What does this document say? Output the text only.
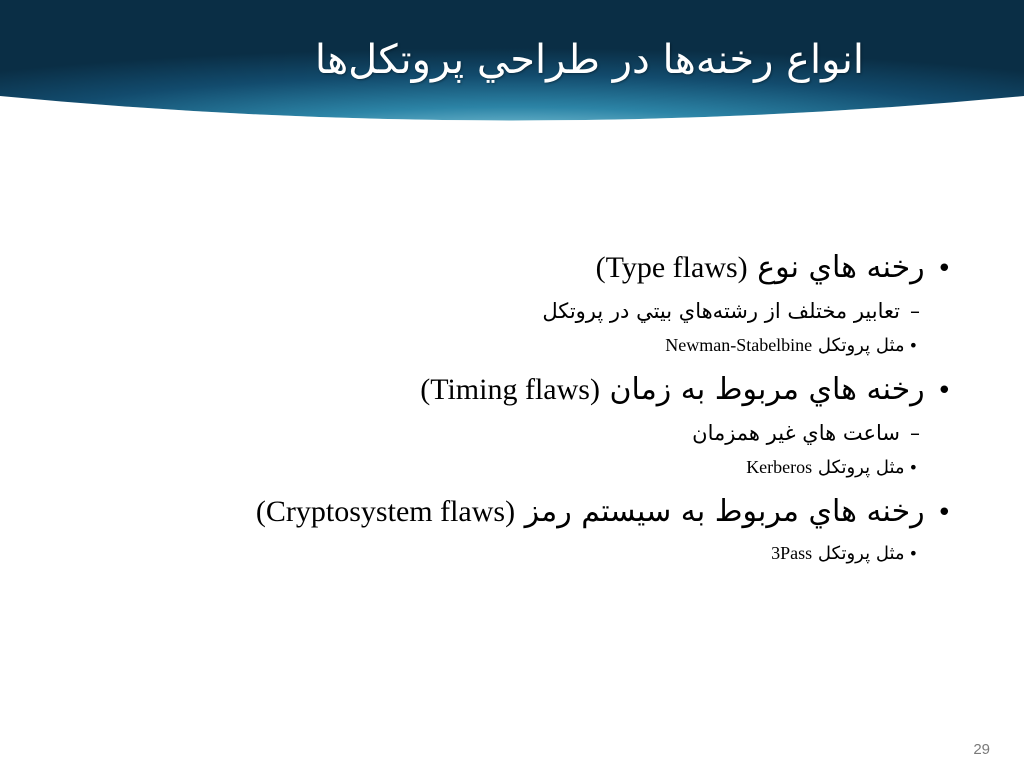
انواع رخنه‌ها در طراحي پروتكل‌ها
•
رخنه هاي نوع

(Type flaws)
–
تعابير مختلف از رشته‌هاي بيتي در پروتكل
•
مثل پروتكل

Newman-Stabelbine
•
رخنه هاي مربوط به زمان

(Timing flaws)
–
ساعت هاي غير همزمان
•
مثل پروتكل

Kerberos
•
رخنه هاي مربوط به سيستم رمز

(Cryptosystem flaws)
•
مثل پروتكل

3Pass
29
